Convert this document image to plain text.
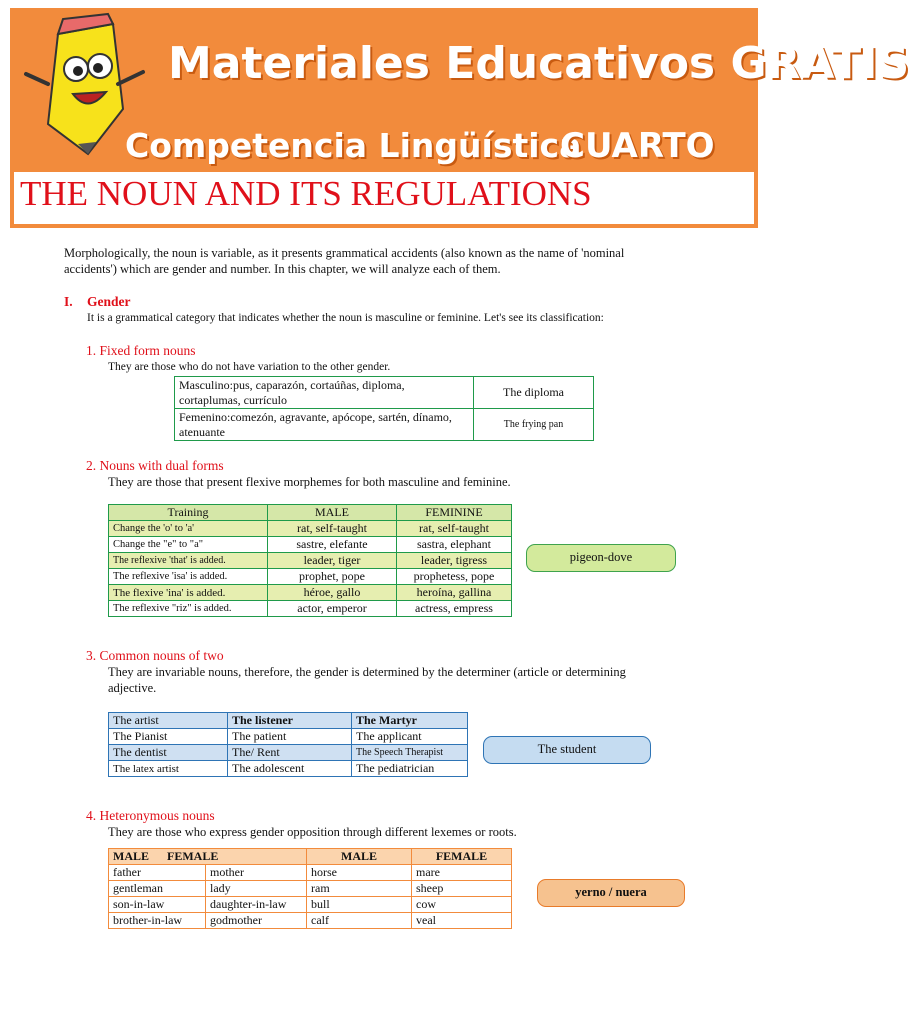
Materiales Educativos GRATIS
Competencia Lingüística
CUARTO
THE NOUN AND ITS REGULATIONS
Morphologically, the noun is variable, as it presents grammatical accidents (also known as the name of 'nominal accidents') which are gender and number. In this chapter, we will analyze each of them.
I. Gender
It is a grammatical category that indicates whether the noun is masculine or feminine. Let's see its classification:
1. Fixed form nouns
They are those who do not have variation to the other gender.
Masculino:pus, caparazón, cortaúñas, diploma, cortaplumas, currículo	The diploma
Femenino:comezón, agravante, apócope, sartén, dínamo, atenuante	The frying pan
2. Nouns with dual forms
They are those that present flexive morphemes for both masculine and feminine.
Training	MALE	FEMININE
Change the 'o' to 'a'	rat, self-taught	rat, self-taught
Change the "e" to "a"	sastre, elefante	sastra, elephant
The reflexive 'that' is added.	leader, tiger	leader, tigress
The reflexive 'isa' is added.	prophet, pope	prophetess, pope
The flexive 'ina' is added.	héroe, gallo	heroína, gallina
The reflexive "riz" is added.	actor, emperor	actress, empress
pigeon-dove
3. Common nouns of two
They are invariable nouns, therefore, the gender is determined by the determiner (article or determining adjective.
The artist	The listener	The Martyr
The Pianist	The patient	The applicant
The dentist	The/ Rent	The Speech Therapist
The latex artist	The adolescent	The pediatrician
The student
4. Heteronymous nouns
They are those who express gender opposition through different lexemes or roots.
MALE      FEMALE		MALE	FEMALE
father	mother	horse	mare
gentleman	lady	ram	sheep
son-in-law	daughter-in-law	bull	cow
brother-in-law	godmother	calf	veal
yerno / nuera
